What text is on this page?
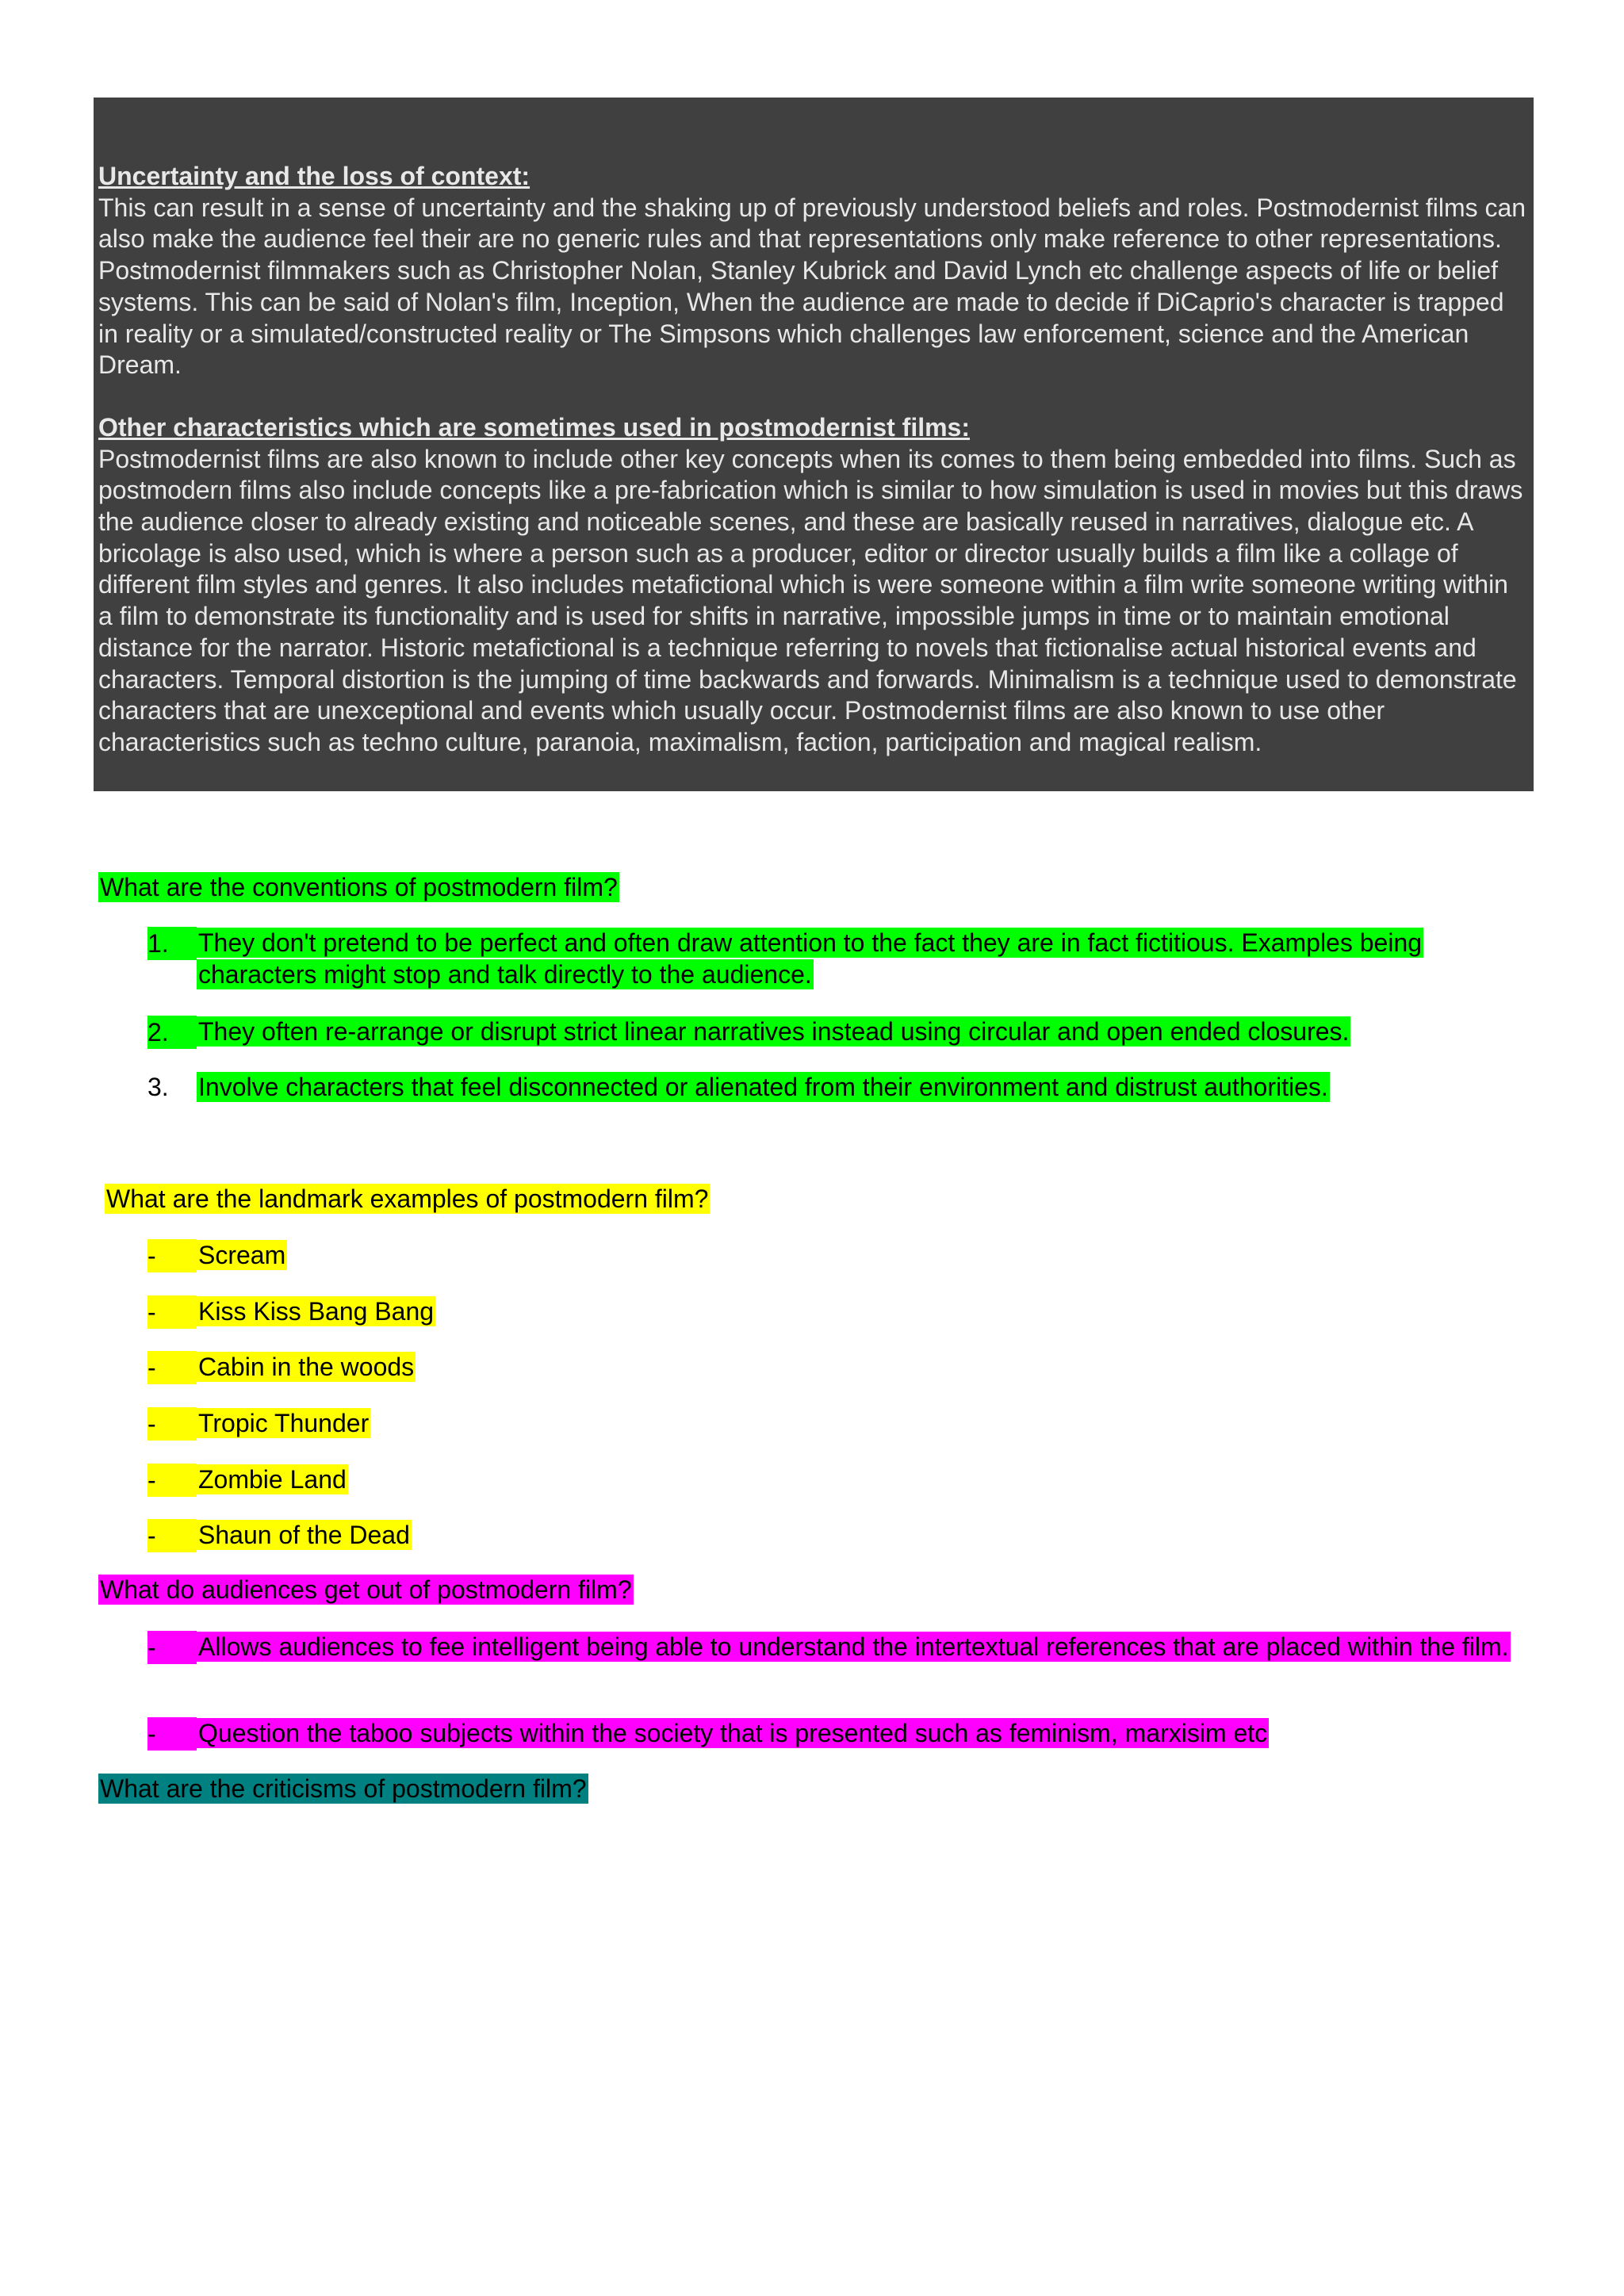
Uncertainty and the loss of context:

This can result in a sense of uncertainty and the shaking up of previously understood beliefs and roles. Postmodernist films can also make the audience feel their are no generic rules and that representations only make reference to other representations. Postmodernist filmmakers such as Christopher Nolan, Stanley Kubrick and David Lynch etc challenge aspects of life or belief systems. This can be said of Nolan's film, Inception, When the audience are made to decide if DiCaprio's character is trapped in reality or a simulated/constructed reality or The Simpsons which challenges law enforcement, science and the American Dream.

Other characteristics which are sometimes used in postmodernist films:

Postmodernist films are also known to include other key concepts when its comes to them being embedded into films. Such as postmodern films also include concepts like a pre-fabrication which is similar to how simulation is used in movies but this draws the audience closer to already existing and noticeable scenes, and these are basically reused in narratives, dialogue etc. A bricolage is also used, which is where a person such as a producer, editor or director usually builds a film like a collage of different film styles and genres. It also includes metafictional which is were someone within a film write someone writing within a film to demonstrate its functionality and is used for shifts in narrative, impossible jumps in time or to maintain emotional distance for the narrator. Historic metafictional is a technique referring to novels that fictionalise actual historical events and characters. Temporal distortion is the jumping of time backwards and forwards. Minimalism is a technique used to demonstrate characters that are unexceptional and events which usually occur. Postmodernist films are also known to use other characteristics such as techno culture, paranoia, maximalism, faction, participation and magical realism.

What are the conventions of postmodern film?
1.	They don't pretend to be perfect and often draw attention to the fact they are in fact fictitious. Examples being characters might stop and talk directly to the audience.
2.	They often re-arrange or disrupt strict linear narratives instead using circular and open ended closures.
3.	Involve characters that feel disconnected or alienated from their environment and distrust authorities.
What are the landmark examples of postmodern film?
-	Scream
-	Kiss Kiss Bang Bang
-	Cabin in the woods
-	Tropic Thunder
-	Zombie Land
-	Shaun of the Dead
What do audiences get out of postmodern film?
-	Allows audiences to fee intelligent being able to understand the intertextual references that are placed within the film.
-	Question the taboo subjects within the society that is presented such as feminism, marxisim etc
What are the criticisms of postmodern film?
